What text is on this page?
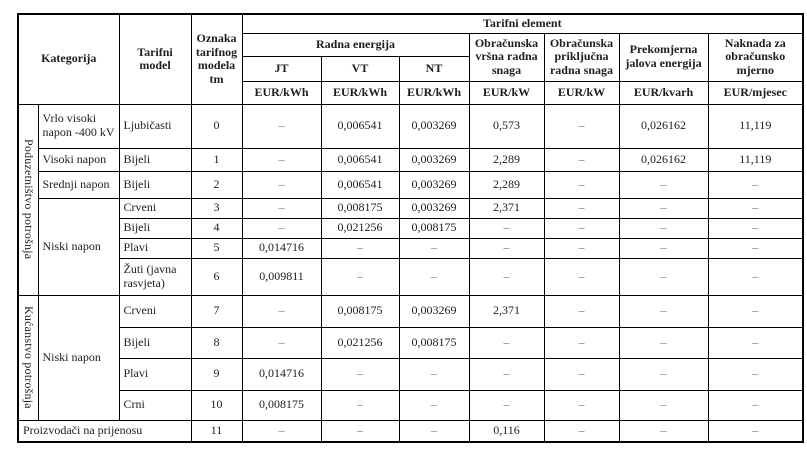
Kategorija		Tarifni model	Oznaka tarifnog modela tm	Tarifni element						
				Radna energija			Obračunska vršna radna snaga	Obračunska priključna radna snaga	Prekomjerna jalova energija	Naknada za obračunsko mjerno
				JT	VT	NT				
				EUR/kWh	EUR/kWh	EUR/kWh	EUR/kW	EUR/kW	EUR/kvarh	EUR/mjesec
Poduzetništvo potrošnja	Vrlo visoki napon -400 kV	Ljubičasti	0	–	0,006541	0,003269	0,573	–	0,026162	11,119
	Visoki napon	Bijeli	1	–	0,006541	0,003269	2,289	–	0,026162	11,119
	Srednji napon	Bijeli	2	–	0,006541	0,003269	2,289	–	–	–
	Niski napon	Crveni	3	–	0,008175	0,003269	2,371	–	–	–
		Bijeli	4	–	0,021256	0,008175	–	–	–	–
		Plavi	5	0,014716	–	–	–	–	–	–
		Žuti (javna rasvjeta)	6	0,009811	–	–	–	–	–	–
Kućanstvo potrošnja	Niski napon	Crveni	7	–	0,008175	0,003269	2,371	–	–	–
		Bijeli	8	–	0,021256	0,008175	–	–	–	–
		Plavi	9	0,014716	–	–	–	–	–	–
		Crni	10	0,008175	–	–	–	–	–	–
Proizvodači na prijenosu			11	–	–	–	0,116	–	–	–
